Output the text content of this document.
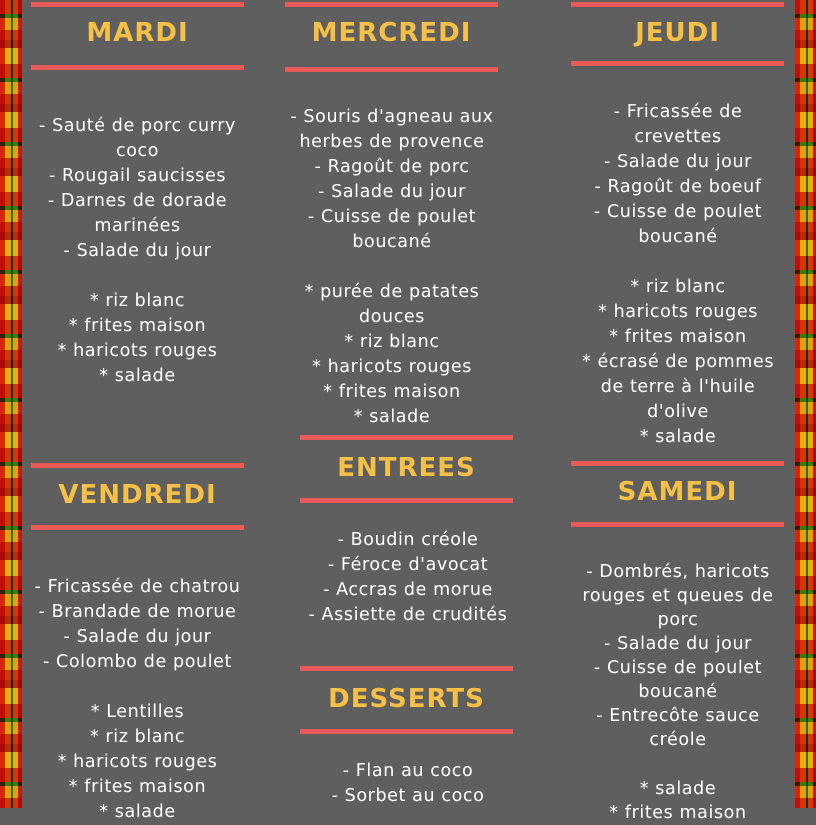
MARDI
- Sauté de porc curry
coco
- Rougail saucisses
- Darnes de dorade
marinées
- Salade du jour
* riz blanc
* frites maison
* haricots rouges
* salade
VENDREDI
- Fricassée de chatrou
- Brandade de morue
- Salade du jour
- Colombo de poulet
* Lentilles
* riz blanc
* haricots rouges
* frites maison
* salade
MERCREDI
- Souris d'agneau aux
herbes de provence
- Ragoût de porc
- Salade du jour
- Cuisse de poulet
boucané
* purée de patates
douces
* riz blanc
* haricots rouges
* frites maison
* salade
ENTREES
- Boudin créole
- Féroce d'avocat
- Accras de morue
- Assiette de crudités
DESSERTS
- Flan au coco
- Sorbet au coco
JEUDI
- Fricassée de
crevettes
- Salade du jour
- Ragoût de boeuf
- Cuisse de poulet
boucané
* riz blanc
* haricots rouges
* frites maison
* écrasé de pommes
de terre à l'huile
d'olive
* salade
SAMEDI
- Dombrés, haricots
rouges et queues de
porc
- Salade du jour
- Cuisse de poulet
boucané
- Entrecôte sauce
créole
* salade
* frites maison
